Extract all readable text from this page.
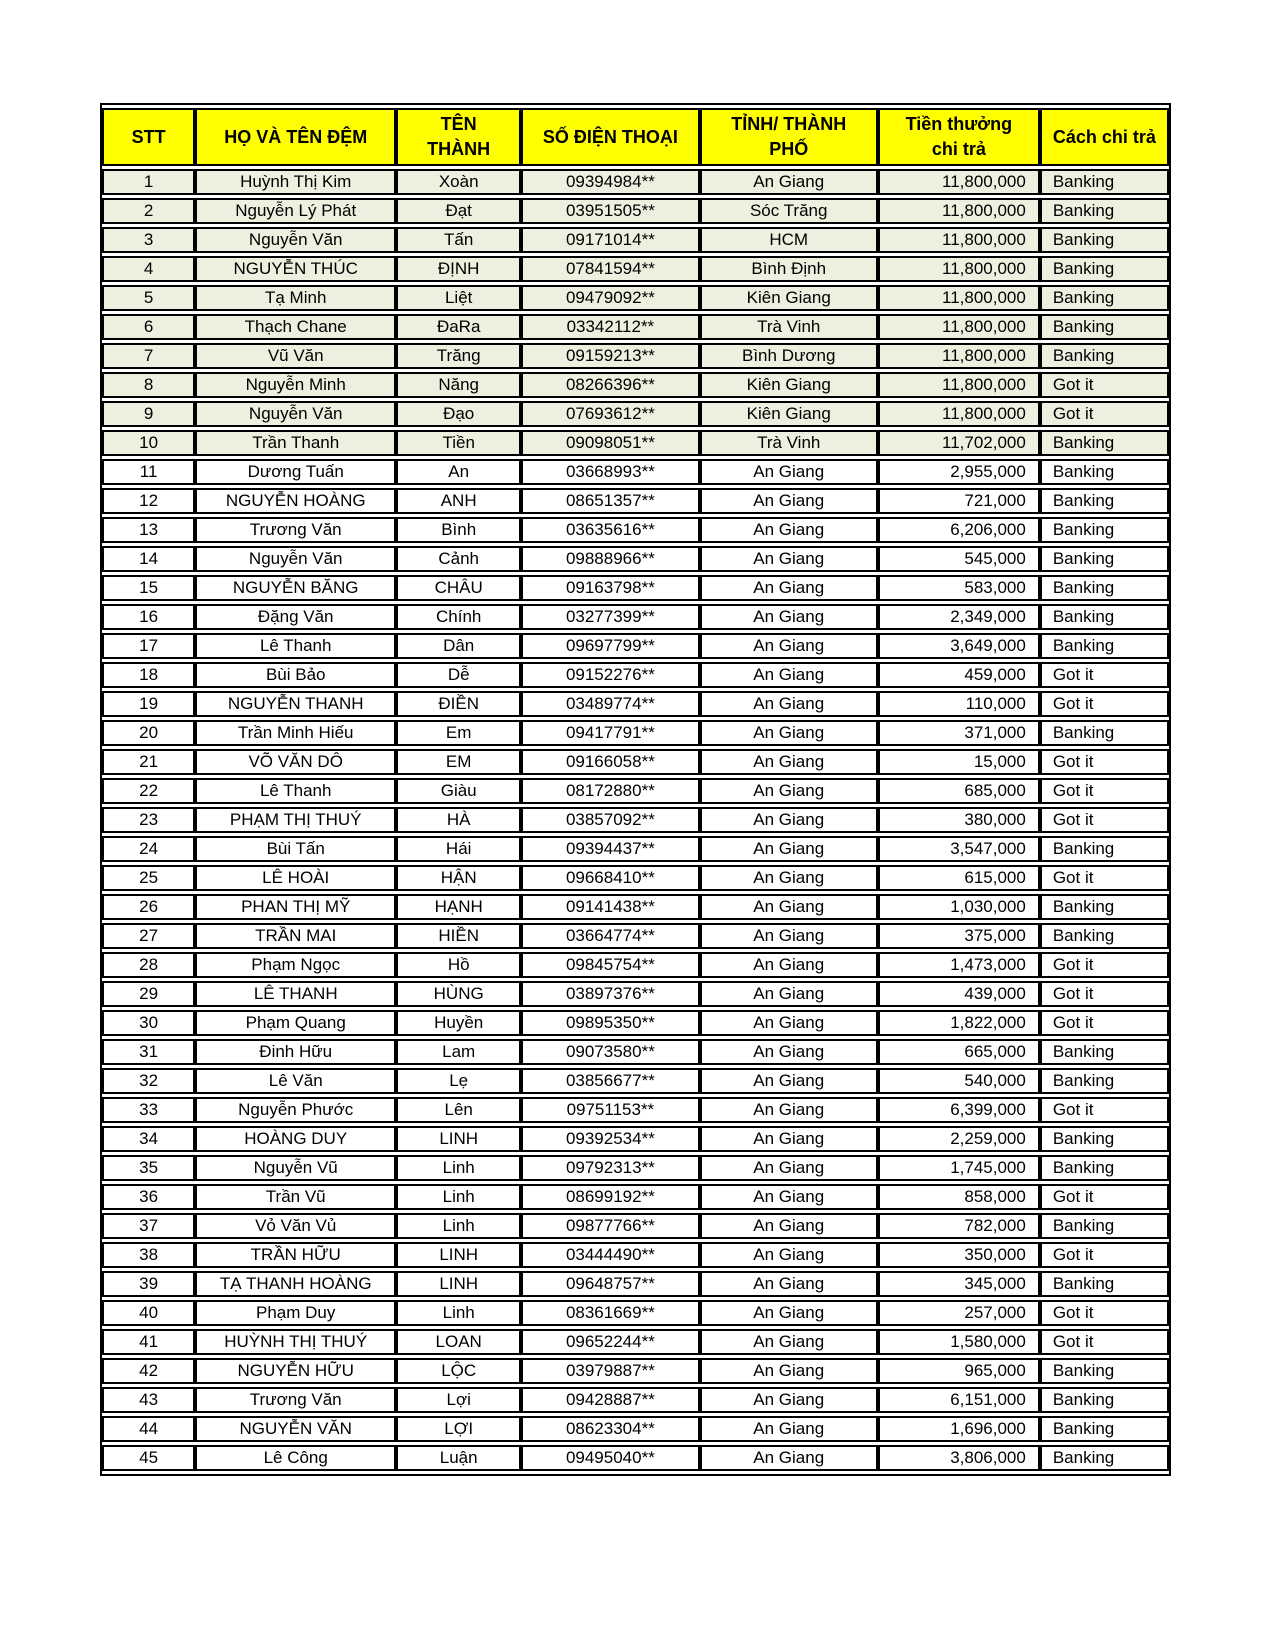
STT	HỌ VÀ TÊN ĐỆM	TÊN THÀNH	SỐ ĐIỆN THOẠI	TỈNH/ THÀNH PHỐ	Tiền thưởng chi trả	Cách chi trả
1	Huỳnh Thị Kim	Xoàn	09394984**	An Giang	11,800,000	Banking
2	Nguyễn Lý Phát	Đạt	03951505**	Sóc Trăng	11,800,000	Banking
3	Nguyễn Văn	Tấn	09171014**	HCM	11,800,000	Banking
4	NGUYỄN THÚC	ĐỊNH	07841594**	Bình Định	11,800,000	Banking
5	Tạ Minh	Liệt	09479092**	Kiên Giang	11,800,000	Banking
6	Thạch Chane	ĐaRa	03342112**	Trà Vinh	11,800,000	Banking
7	Vũ Văn	Trăng	09159213**	Bình Dương	11,800,000	Banking
8	Nguyễn Minh	Năng	08266396**	Kiên Giang	11,800,000	Got it
9	Nguyễn Văn	Đạo	07693612**	Kiên Giang	11,800,000	Got it
10	Trần Thanh	Tiền	09098051**	Trà Vinh	11,702,000	Banking
11	Dương Tuấn	An	03668993**	An Giang	2,955,000	Banking
12	NGUYỄN HOÀNG	ANH	08651357**	An Giang	721,000	Banking
13	Trương Văn	Bình	03635616**	An Giang	6,206,000	Banking
14	Nguyễn Văn	Cảnh	09888966**	An Giang	545,000	Banking
15	NGUYỄN BĂNG	CHÂU	09163798**	An Giang	583,000	Banking
16	Đặng Văn	Chính	03277399**	An Giang	2,349,000	Banking
17	Lê Thanh	Dân	09697799**	An Giang	3,649,000	Banking
18	Bùi Bảo	Dễ	09152276**	An Giang	459,000	Got it
19	NGUYỄN THANH	ĐIỀN	03489774**	An Giang	110,000	Got it
20	Trần Minh Hiếu	Em	09417791**	An Giang	371,000	Banking
21	VÕ VĂN DÔ	EM	09166058**	An Giang	15,000	Got it
22	Lê Thanh	Giàu	08172880**	An Giang	685,000	Got it
23	PHẠM THỊ THUÝ	HÀ	03857092**	An Giang	380,000	Got it
24	Bùi Tấn	Hái	09394437**	An Giang	3,547,000	Banking
25	LÊ HOÀI	HẬN	09668410**	An Giang	615,000	Got it
26	PHAN THỊ MỸ	HẠNH	09141438**	An Giang	1,030,000	Banking
27	TRẦN MAI	HIỀN	03664774**	An Giang	375,000	Banking
28	Phạm Ngọc	Hồ	09845754**	An Giang	1,473,000	Got it
29	LÊ THANH	HÙNG	03897376**	An Giang	439,000	Got it
30	Phạm Quang	Huyền	09895350**	An Giang	1,822,000	Got it
31	Đinh Hữu	Lam	09073580**	An Giang	665,000	Banking
32	Lê Văn	Lẹ	03856677**	An Giang	540,000	Banking
33	Nguyễn Phước	Lên	09751153**	An Giang	6,399,000	Got it
34	HOÀNG DUY	LINH	09392534**	An Giang	2,259,000	Banking
35	Nguyễn Vũ	Linh	09792313**	An Giang	1,745,000	Banking
36	Trần Vũ	Linh	08699192**	An Giang	858,000	Got it
37	Vỏ Văn Vủ	Linh	09877766**	An Giang	782,000	Banking
38	TRẦN HỮU	LINH	03444490**	An Giang	350,000	Got it
39	TẠ THANH HOÀNG	LINH	09648757**	An Giang	345,000	Banking
40	Phạm Duy	Linh	08361669**	An Giang	257,000	Got it
41	HUỲNH THỊ THUÝ	LOAN	09652244**	An Giang	1,580,000	Got it
42	NGUYỄN HỮU	LỘC	03979887**	An Giang	965,000	Banking
43	Trương Văn	Lợi	09428887**	An Giang	6,151,000	Banking
44	NGUYỄN VĂN	LỢI	08623304**	An Giang	1,696,000	Banking
45	Lê Công	Luận	09495040**	An Giang	3,806,000	Banking
